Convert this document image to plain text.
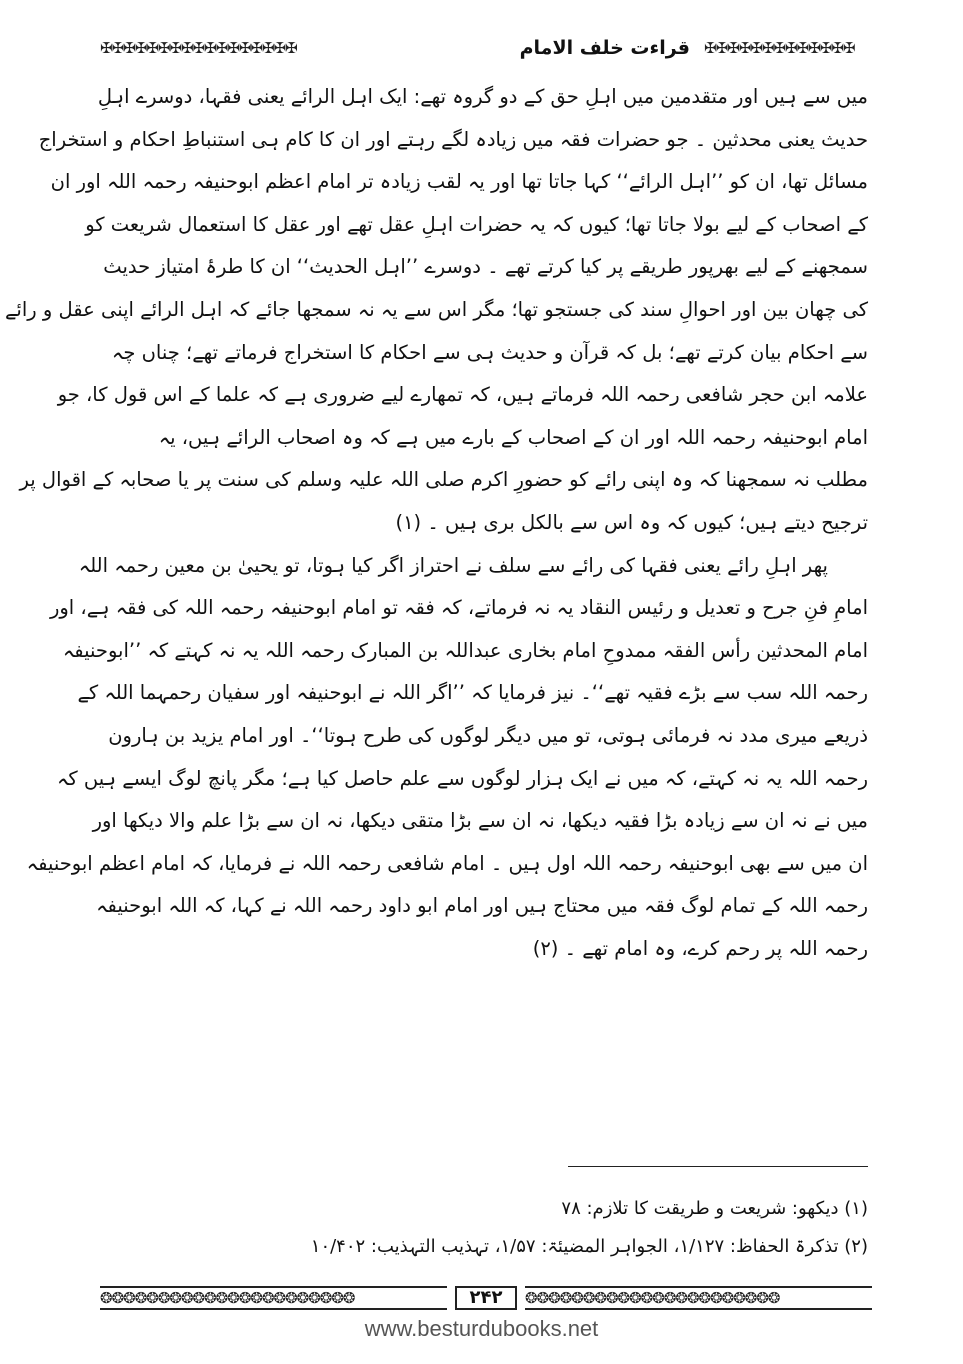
✠✠✠✠✠✠✠✠✠✠✠✠✠✠✠✠✠	قراءت خلف الامام ✠✠✠✠✠✠✠✠✠✠✠✠✠
میں سے ہیں اور متقدمین میں اہلِ حق کے دو گروہ تھے: ایک اہل الرائے یعنی فقہا، دوسرے اہلِ
حدیث یعنی محدثین ۔ جو حضرات فقہ میں زیادہ لگے رہتے اور ان کا کام ہی استنباطِ احکام و استخراج
مسائل تھا، ان کو ’’اہل الرائے‘‘ کہا جاتا تھا اور یہ لقب زیادہ تر امام اعظم ابوحنیفہ رحمہ اللہ اور ان
کے اصحاب کے لیے بولا جاتا تھا؛ کیوں کہ یہ حضرات اہلِ عقل تھے اور عقل کا استعمال شریعت کو
سمجھنے کے لیے بھرپور طریقے پر کیا کرتے تھے ۔ دوسرے ’’اہل الحدیث‘‘ ان کا طرۂ امتیاز حدیث
کی چھان بین اور احوالِ سند کی جستجو تھا؛ مگر اس سے یہ نہ سمجھا جائے کہ اہل الرائے اپنی عقل و رائے
سے احکام بیان کرتے تھے؛ بل کہ قرآن و حدیث ہی سے احکام کا استخراج فرماتے تھے؛ چناں چہ
علامہ ابن حجر شافعی رحمہ اللہ فرماتے ہیں، کہ تمھارے لیے ضروری ہے کہ علما کے اس قول کا، جو
امام ابوحنیفہ رحمہ اللہ اور ان کے اصحاب کے بارے میں ہے کہ وہ اصحاب الرائے ہیں، یہ
مطلب نہ سمجھنا کہ وہ اپنی رائے کو حضورِ اکرم صلی اللہ علیہ وسلم کی سنت پر یا صحابہ کے اقوال پر
ترجیح دیتے ہیں؛ کیوں کہ وہ اس سے بالکل بری ہیں ۔ (۱)
پھر اہلِ رائے یعنی فقہا کی رائے سے سلف نے احتراز اگر کیا ہوتا، تو یحییٰ بن معین رحمہ اللہ
امامِ فنِ جرح و تعدیل و رئیس النقاد یہ نہ فرماتے، کہ فقہ تو امام ابوحنیفہ رحمہ اللہ کی فقہ ہے، اور
امام المحدثین رأس الفقہ ممدوحِ امام بخاری عبداللہ بن المبارک رحمہ اللہ یہ نہ کہتے کہ ’’ابوحنیفہ
رحمہ اللہ سب سے بڑے فقیہ تھے‘‘۔ نیز فرمایا کہ ’’اگر اللہ نے ابوحنیفہ اور سفیان رحمہما اللہ کے
ذریعے میری مدد نہ فرمائی ہوتی، تو میں دیگر لوگوں کی طرح ہوتا‘‘۔ اور امام یزید بن ہارون
رحمہ اللہ یہ نہ کہتے، کہ میں نے ایک ہزار لوگوں سے علم حاصل کیا ہے؛ مگر پانچ لوگ ایسے ہیں کہ
میں نے نہ ان سے زیادہ بڑا فقیہ دیکھا، نہ ان سے بڑا متقی دیکھا، نہ ان سے بڑا علم والا دیکھا اور
ان میں سے بھی ابوحنیفہ رحمہ اللہ اول ہیں ۔ امام شافعی رحمہ اللہ نے فرمایا، کہ امام اعظم ابوحنیفہ
رحمہ اللہ کے تمام لوگ فقہ میں محتاج ہیں اور امام ابو داود رحمہ اللہ نے کہا، کہ اللہ ابوحنیفہ
رحمہ اللہ پر رحم کرے، وہ امام تھے ۔ (۲)
(۱) دیکھو: شریعت و طریقت کا تلازم: ۷۸
(۲) تذکرۃ الحفاظ: ۱/۱۲۷، الجواہر المضیئۃ: ۱/۵۷، تہذیب التہذیب: ۱۰/۴۰۲
❂❂❂❂❂❂❂❂❂❂❂❂❂❂❂❂❂❂❂❂❂❂	۲۴۲	❂❂❂❂❂❂❂❂❂❂❂❂❂❂❂❂❂❂❂❂❂❂
www.besturdubooks.net
